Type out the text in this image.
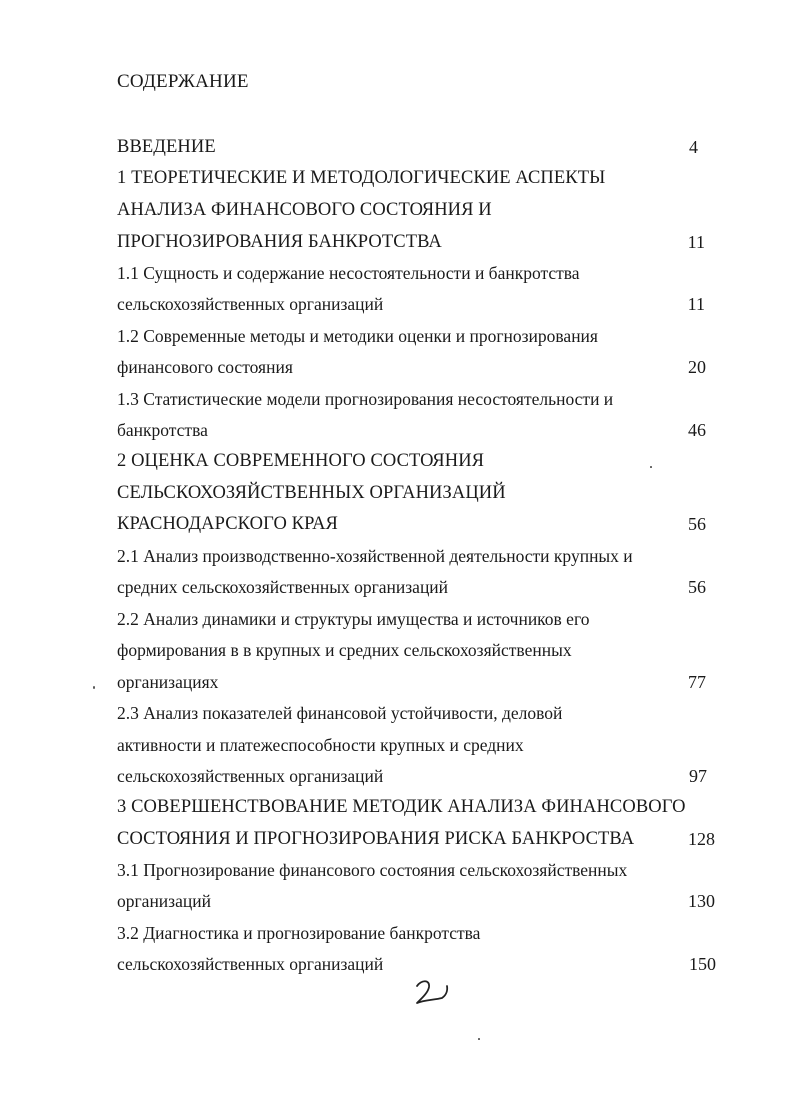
СОДЕРЖАНИЕ
ВВЕДЕНИЕ	4
1 ТЕОРЕТИЧЕСКИЕ И МЕТОДОЛОГИЧЕСКИЕ АСПЕКТЫ
АНАЛИЗА ФИНАНСОВОГО СОСТОЯНИЯ И
ПРОГНОЗИРОВАНИЯ БАНКРОТСТВА	11
1.1 Сущность и содержание несостоятельности и банкротства
сельскохозяйственных организаций	11
1.2 Современные методы и методики оценки и прогнозирования
финансового состояния	20
1.3 Статистические модели прогнозирования несостоятельности и
банкротства	46
2 ОЦЕНКА СОВРЕМЕННОГО СОСТОЯНИЯ
СЕЛЬСКОХОЗЯЙСТВЕННЫХ ОРГАНИЗАЦИЙ
КРАСНОДАРСКОГО КРАЯ	56
2.1 Анализ производственно-хозяйственной деятельности крупных и
средних сельскохозяйственных организаций	56
2.2 Анализ динамики и структуры имущества и источников его
формирования в в крупных и средних сельскохозяйственных
организациях	77
2.3 Анализ показателей финансовой устойчивости, деловой
активности и платежеспособности крупных и средних
сельскохозяйственных организаций	97
3 СОВЕРШЕНСТВОВАНИЕ МЕТОДИК АНАЛИЗА ФИНАНСОВОГО
СОСТОЯНИЯ И ПРОГНОЗИРОВАНИЯ РИСКА БАНКРОСТВА	128
3.1 Прогнозирование финансового состояния сельскохозяйственных
организаций	130
3.2 Диагностика и прогнозирование банкротства
сельскохозяйственных организаций	150
